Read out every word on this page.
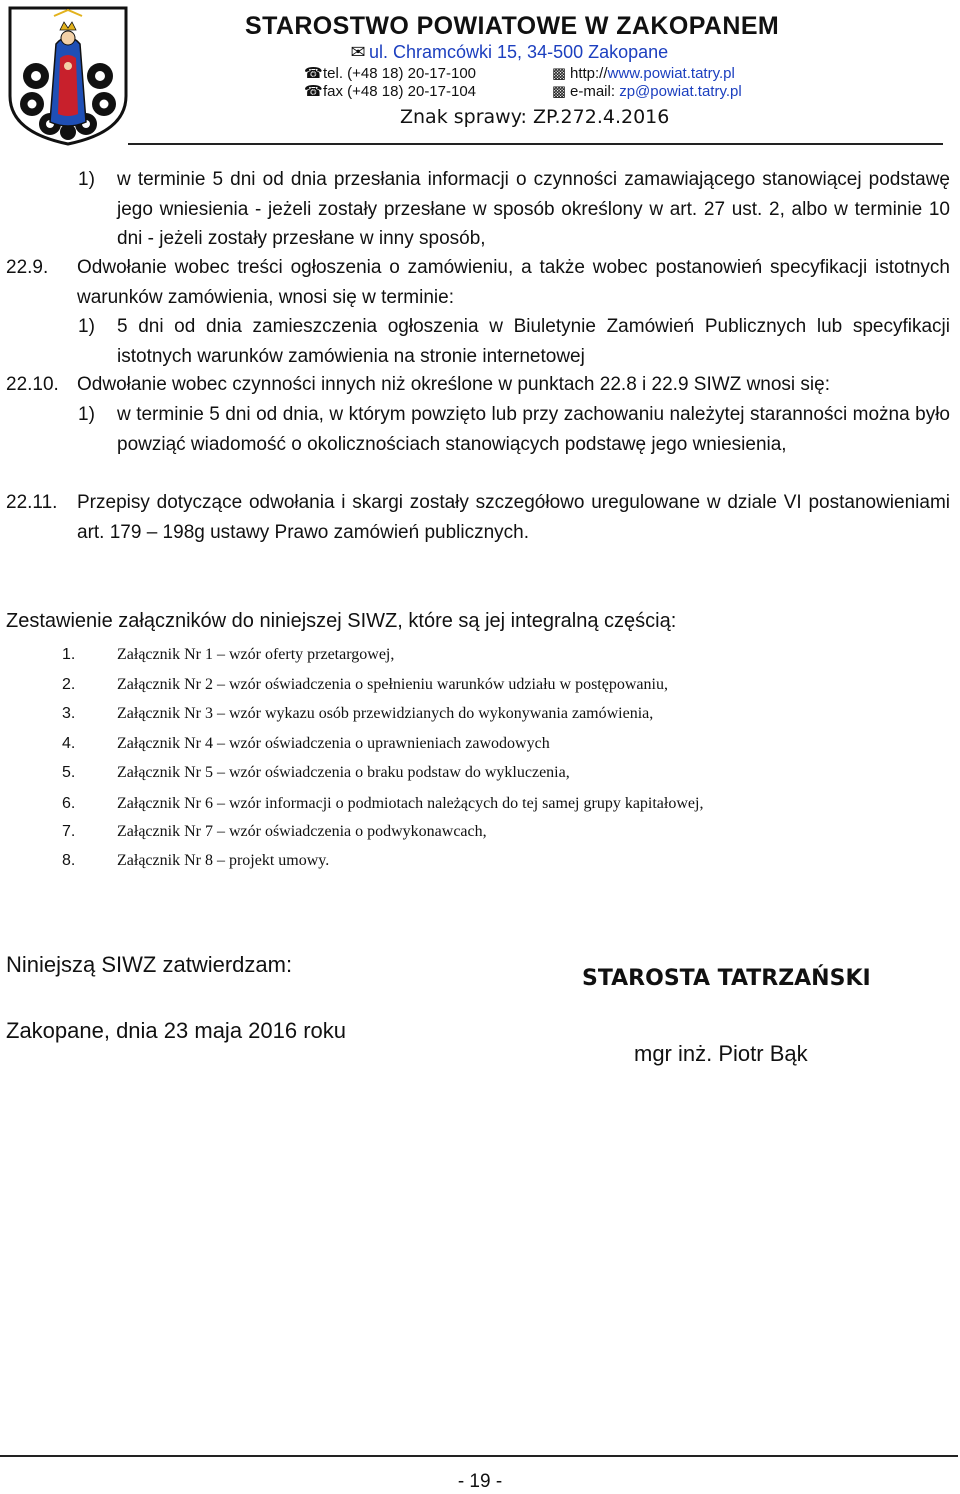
STAROSTWO POWIATOWE W ZAKOPANEM
✉ ul. Chramcówki 15, 34-500 Zakopane
☎tel. (+48 18) 20-17-100
☎fax (+48 18) 20-17-104
▩ http://www.powiat.tatry.pl
▩ e-mail: zp@powiat.tatry.pl
Znak sprawy: ZP.272.4.2016
1) w terminie 5 dni od dnia przesłania informacji o czynności zamawiającego stanowiącej podstawę jego wniesienia - jeżeli zostały przesłane w sposób określony w art. 27 ust. 2, albo w terminie 10 dni - jeżeli zostały przesłane w inny sposób,
22.9. Odwołanie wobec treści ogłoszenia o zamówieniu, a także wobec postanowień specyfikacji istotnych warunków zamówienia, wnosi się w terminie:
1) 5 dni od dnia zamieszczenia ogłoszenia w Biuletynie Zamówień Publicznych lub specyfikacji istotnych warunków zamówienia na stronie internetowej
22.10. Odwołanie wobec czynności innych niż określone w punktach 22.8 i 22.9 SIWZ wnosi się:
1) w terminie 5 dni od dnia, w którym powzięto lub przy zachowaniu należytej staranności można było powziąć wiadomość o okolicznościach stanowiących podstawę jego wniesienia,
22.11. Przepisy dotyczące odwołania i skargi zostały szczegółowo uregulowane w dziale VI postanowieniami art. 179 – 198g ustawy Prawo zamówień publicznych.
Zestawienie załączników do niniejszej SIWZ, które są jej integralną częścią:
1.	Załącznik Nr 1 – wzór oferty przetargowej,
2.	Załącznik Nr 2 – wzór oświadczenia o spełnieniu warunków udziału w postępowaniu,
3.	Załącznik Nr 3 – wzór wykazu osób przewidzianych do wykonywania zamówienia,
4.	Załącznik Nr 4 – wzór oświadczenia o uprawnieniach zawodowych
5.	Załącznik Nr 5 – wzór oświadczenia o braku podstaw do wykluczenia,
6.	Załącznik Nr 6 – wzór informacji o podmiotach należących do tej samej grupy kapitałowej,
7.	Załącznik Nr 7 – wzór oświadczenia o podwykonawcach,
8.	Załącznik Nr 8 – projekt umowy.
Niniejszą SIWZ zatwierdzam:
Zakopane, dnia 23 maja 2016 roku
STAROSTA TATRZAŃSKI
mgr inż. Piotr Bąk
- 19 -
